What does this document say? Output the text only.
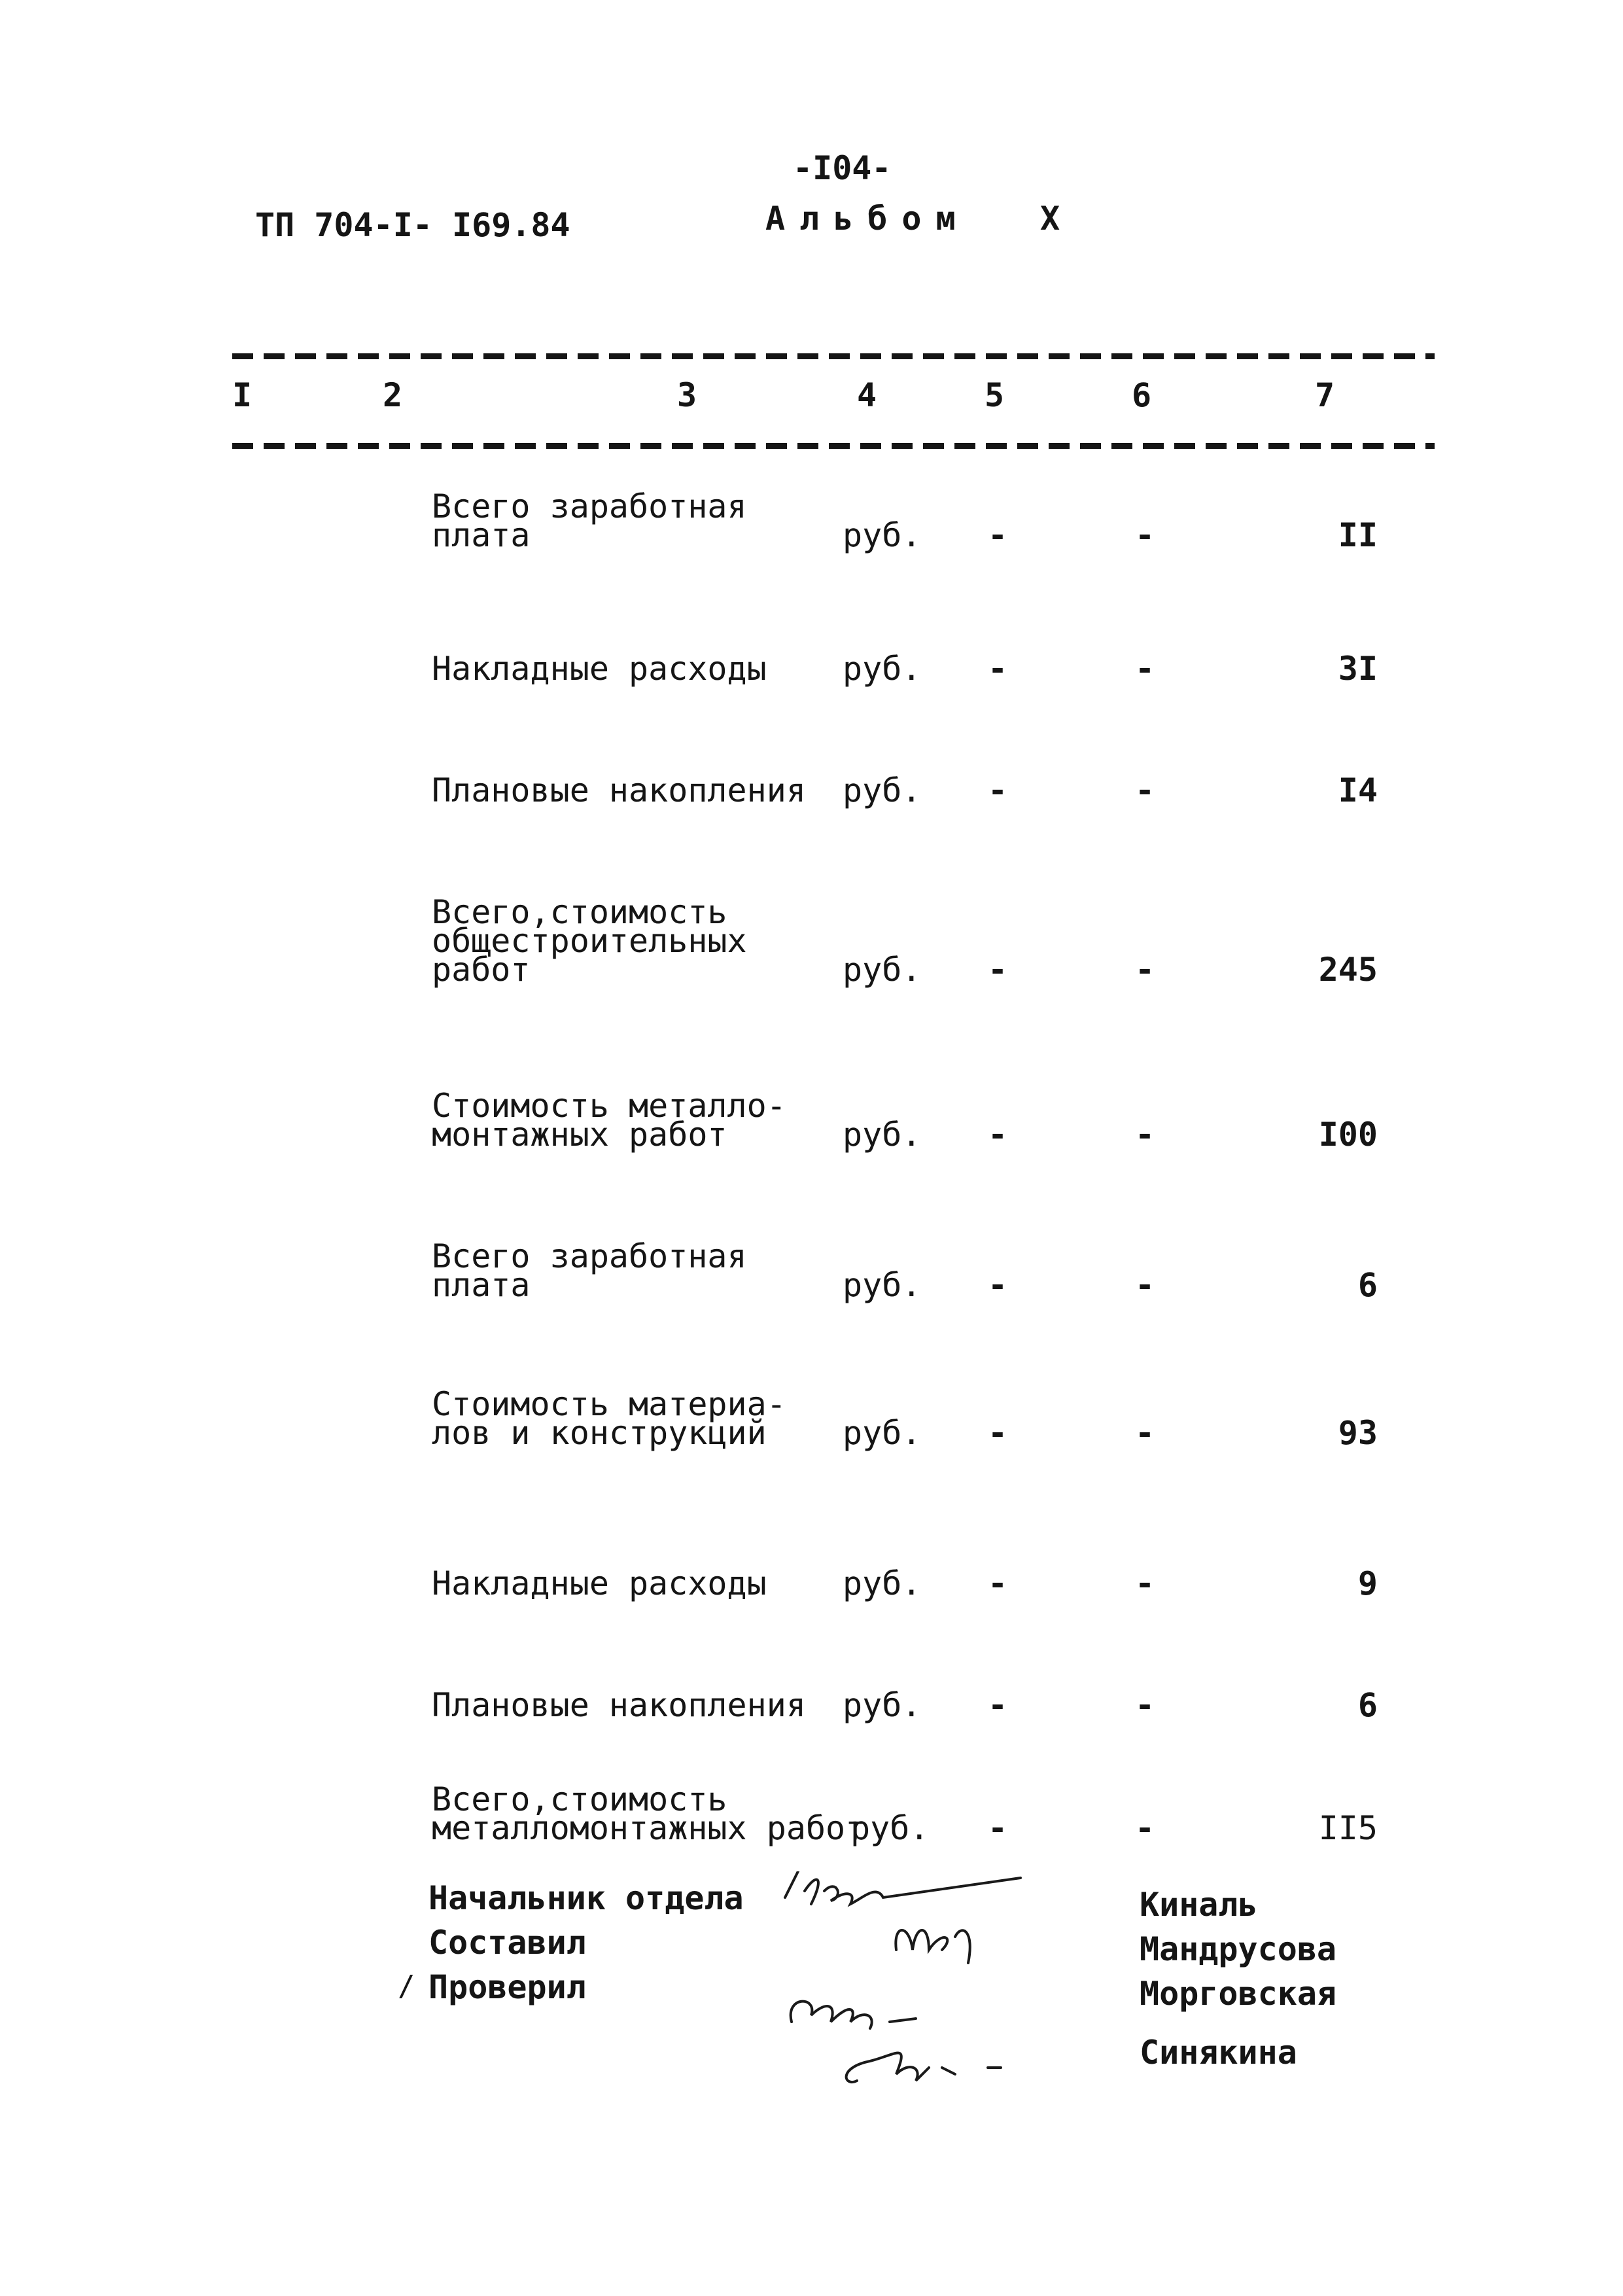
-I04-
ТП 704-I- I69.84	Альбом X
I	2	3	4	5	6	7
Всего заработная
плата	руб. -	-	II
Накладные расходы руб. -	-	3I
Плановые накопления руб. -	-	I4
Всего,стоимость
общестроительных
работ	руб. -	-	245
Стоимость металло-
монтажных работ	руб. -	-	I00
Всего заработная
плата	руб. -	-	6
Стоимость материа-
лов и конструкций	руб. -	-	93
Накладные расходы руб. -	-	9
Плановые накопления руб. -	-	6
Всего,стоимость
металломонтажных работ
руб. -	-	II5
Начальник отдела
Составил
Проверил
/
Киналь
Мандрусова
Морговская
Синякина
